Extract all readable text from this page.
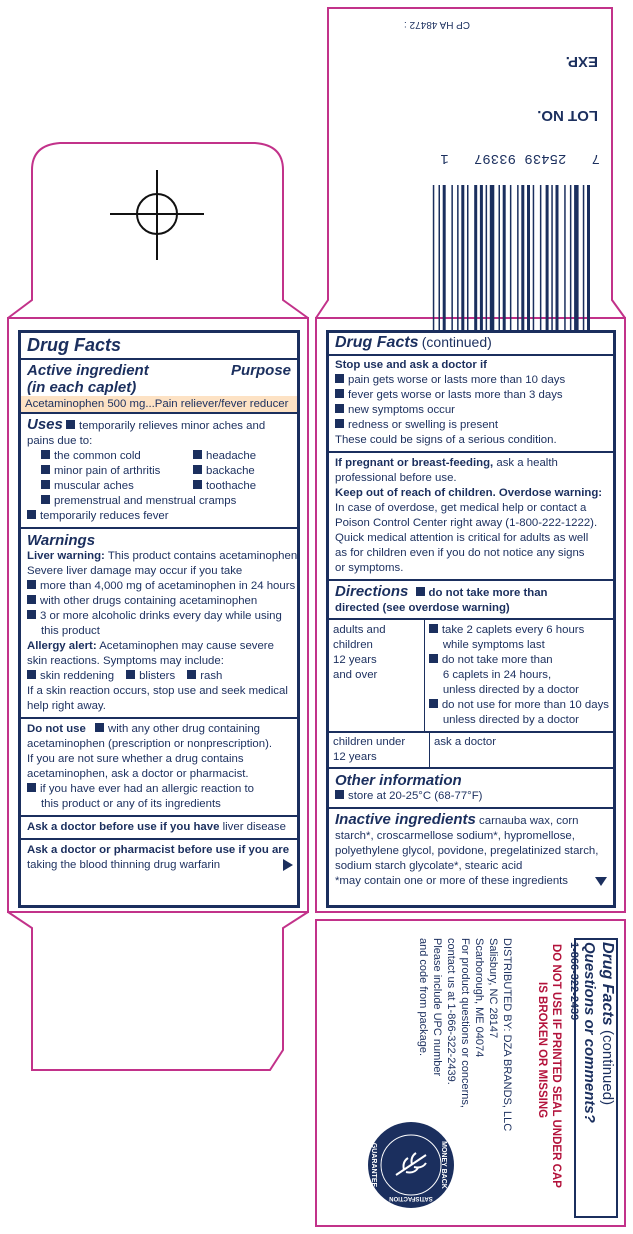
CP HA 48472 :
EXP.
LOT NO.
7   25439 93397   1
Drug Facts
Active ingredient
(in each caplet)
Purpose
Acetaminophen 500 mg...Pain reliever/fever reducer
Uses temporarily relieves minor aches and
pains due to:
the common cold
minor pain of arthritis
muscular aches
headache
backache
toothache
premenstrual and menstrual cramps
temporarily reduces fever
Warnings
Liver warning: This product contains acetaminophen.
Severe liver damage may occur if you take
more than 4,000 mg of acetaminophen in 24 hours
with other drugs containing acetaminophen
3 or more alcoholic drinks every day while using
this product
Allergy alert: Acetaminophen may cause severe
skin reactions. Symptoms may include:
skin reddening blisters rash
If a skin reaction occurs, stop use and seek medical
help right away.
Do not use with any other drug containing
acetaminophen (prescription or nonprescription).
If you are not sure whether a drug contains
acetaminophen, ask a doctor or pharmacist.
if you have ever had an allergic reaction to
this product or any of its ingredients
Ask a doctor before use if you have liver disease
Ask a doctor or pharmacist before use if you are
taking the blood thinning drug warfarin
Drug Facts (continued)
Stop use and ask a doctor if
pain gets worse or lasts more than 10 days
fever gets worse or lasts more than 3 days
new symptoms occur
redness or swelling is present
These could be signs of a serious condition.
If pregnant or breast-feeding, ask a health
professional before use.
Keep out of reach of children. Overdose warning:
In case of overdose, get medical help or contact a
Poison Control Center right away (1-800-222-1222).
Quick medical attention is critical for adults as well
as for children even if you do not notice any signs
or symptoms.
Directions do not take more than
directed (see overdose warning)
adults and
children
12 years
and over
take 2 caplets every 6 hours
while symptoms last
do not take more than
6 caplets in 24 hours,
unless directed by a doctor
do not use for more than 10 days
unless directed by a doctor
children under
12 years
ask a doctor
Other information
store at 20-25°C (68-77°F)
Inactive ingredients carnauba wax, corn
starch*, croscarmellose sodium*, hypromellose,
polyethylene glycol, povidone, pregelatinized starch,
sodium starch glycolate*, stearic acid
*may contain one or more of these ingredients
Drug Facts (continued)
Questions or comments?
1-866-322-2439
DO NOT USE IF PRINTED SEAL UNDER CAP
IS BROKEN OR MISSING
DISTRIBUTED BY: DZA BRANDS, LLC
Salisbury, NC 28147
Scarborough, ME 04074
For product questions or concerns,
contact us at 1-866-322-2439.
Please include UPC number
and code from package.
MONEY BACK
GUARANTEE
SATISFACTION
